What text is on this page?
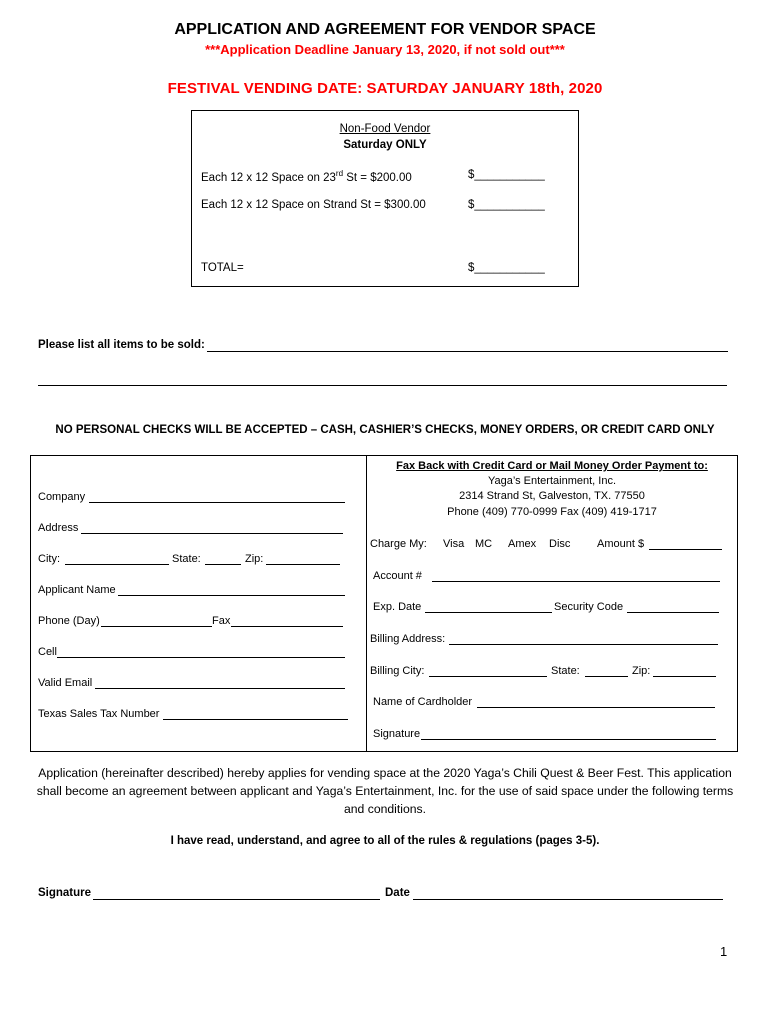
APPLICATION AND AGREEMENT FOR VENDOR SPACE
***Application Deadline January 13, 2020, if not sold out***
FESTIVAL VENDING DATE: SATURDAY JANUARY 18th, 2020
Non-Food Vendor
Saturday ONLY
Each 12 x 12 Space on 23rd St = $200.00	$___________
Each 12 x 12 Space on Strand St = $300.00	$___________
TOTAL=	$___________
Please list all items to be sold:
NO PERSONAL CHECKS WILL BE ACCEPTED – CASH, CASHIER’S CHECKS, MONEY ORDERS, OR CREDIT CARD ONLY
Company
Address
City:	State:	Zip:
Applicant Name
Phone (Day)	Fax
Cell
Valid Email
Texas Sales Tax Number
Fax Back with Credit Card or Mail Money Order Payment to:
Yaga’s Entertainment, Inc.
2314 Strand St, Galveston, TX. 77550
Phone (409) 770-0999 Fax (409) 419-1717
Charge My: Visa MC Amex Disc Amount $
Account #
Exp. Date	Security Code
Billing Address:
Billing City:	State:	Zip:
Name of Cardholder
Signature
Application (hereinafter described) hereby applies for vending space at the 2020 Yaga’s Chili Quest & Beer Fest. This application shall become an agreement between applicant and Yaga’s Entertainment, Inc. for the use of said space under the following terms and conditions.
I have read, understand, and agree to all of the rules & regulations (pages 3-5).
Signature	Date
1
